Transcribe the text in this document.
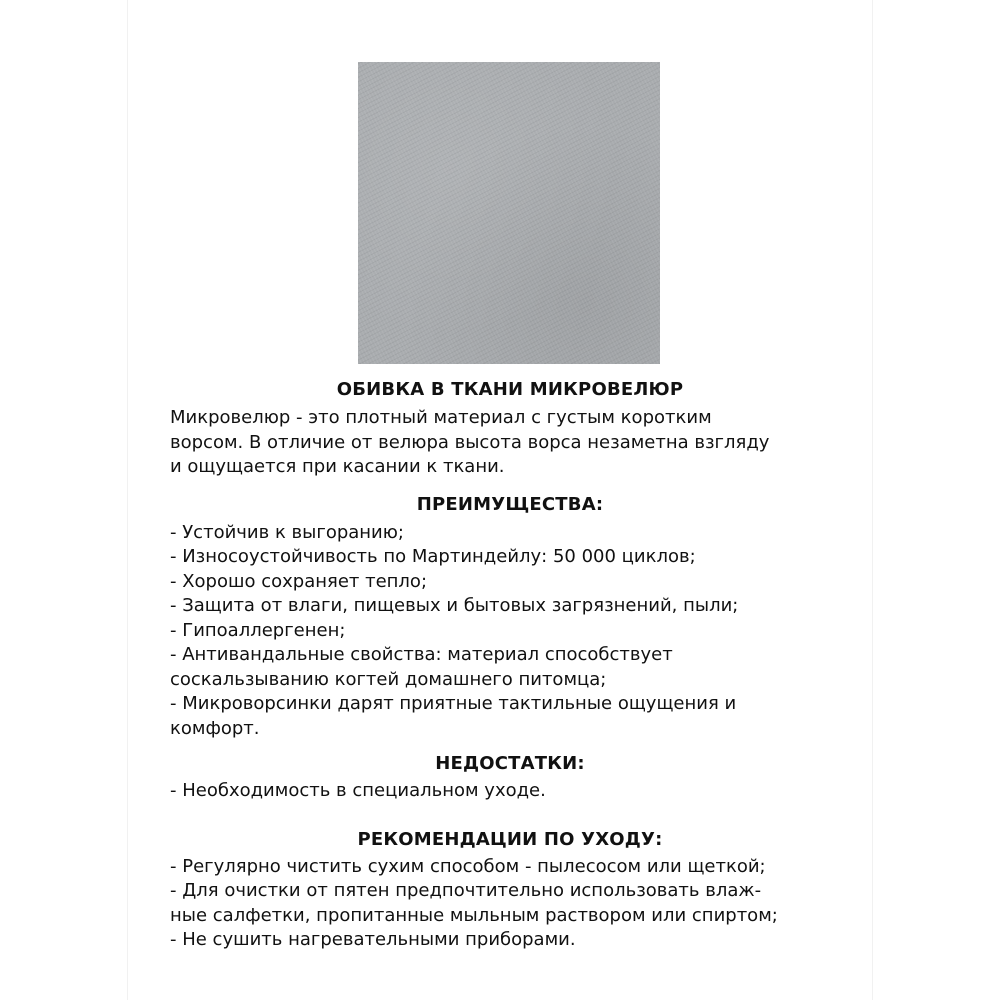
ОБИВКА В ТКАНИ МИКРОВЕЛЮР
Микровелюр - это плотный материал с густым коротким
ворсом. В отличие от велюра высота ворса незаметна взгляду
и ощущается при касании к ткани.
ПРЕИМУЩЕСТВА:
- Устойчив к выгоранию;
- Износоустойчивость по Мартиндейлу: 50 000 циклов;
- Хорошо сохраняет тепло;
- Защита от влаги, пищевых и бытовых загрязнений, пыли;
- Гипоаллергенен;
- Антивандальные свойства: материал способствует
соскальзыванию когтей домашнего питомца;
- Микроворсинки дарят приятные тактильные ощущения и
комфорт.
НЕДОСТАТКИ:
- Необходимость в специальном уходе.
РЕКОМЕНДАЦИИ ПО УХОДУ:
- Регулярно чистить сухим способом - пылесосом или щеткой;
- Для очистки от пятен предпочтительно использовать влаж-
ные салфетки, пропитанные мыльным раствором или спиртом;
- Не сушить нагревательными приборами.
